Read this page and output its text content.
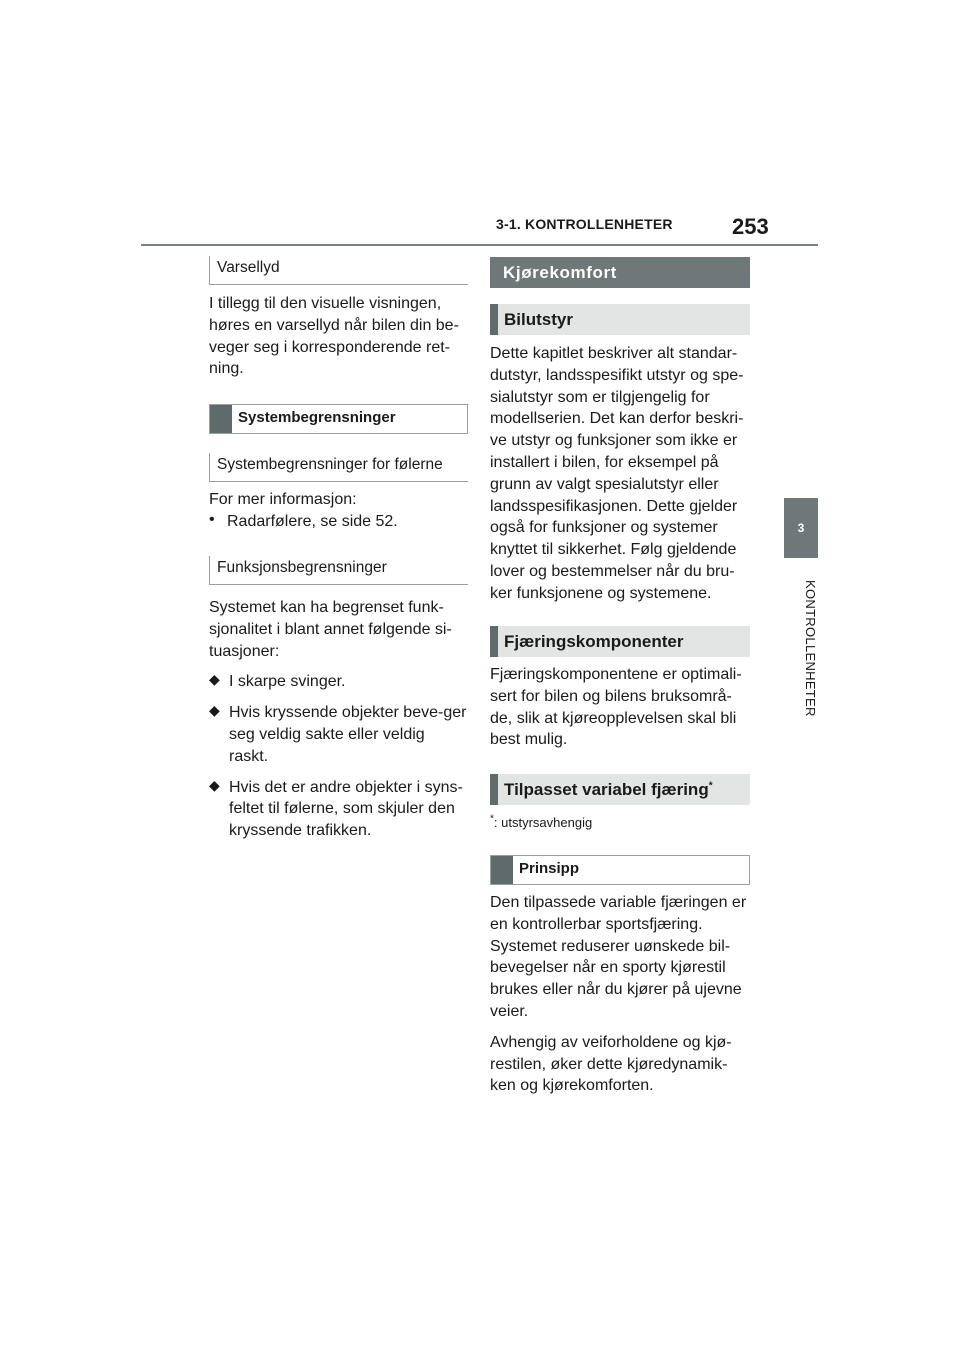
3-1. KONTROLLENHETER	253
3
KONTROLLENHETER
Varsellyd

I tillegg til den visuelle visningen, høres en varsellyd når bilen din be-veger seg i korresponderende ret-ning.

Systembegrensninger
Systembegrensninger for følerne

For mer informasjon:

• Radarfølere, se side 52.

Funksjonsbegrensninger

Systemet kan ha begrenset funk-sjonalitet i blant annet følgende si-tuasjoner:

◆ I skarpe svinger.

◆ Hvis kryssende objekter beve-ger seg veldig sakte eller veldig raskt.

◆ Hvis det er andre objekter i syns-feltet til følerne, som skjuler den kryssende trafikken.

Kjørekomfort
Bilutstyr

Dette kapitlet beskriver alt standar-dutstyr, landsspesifikt utstyr og spe-sialutstyr som er tilgjengelig for modellserien. Det kan derfor beskri-ve utstyr og funksjoner som ikke er installert i bilen, for eksempel på grunn av valgt spesialutstyr eller landsspesifikasjonen. Dette gjelder også for funksjoner og systemer knyttet til sikkerhet. Følg gjeldende lover og bestemmelser når du bru-ker funksjonene og systemene.

Fjæringskomponenter

Fjæringskomponentene er optimali-sert for bilen og bilens bruksområ-de, slik at kjøreopplevelsen skal bli best mulig.

Tilpasset variabel fjæring*
*: utstyrsavhengig
Prinsipp

Den tilpassede variable fjæringen er en kontrollerbar sportsfjæring. Systemet reduserer uønskede bil-bevegelser når en sporty kjørestil brukes eller når du kjører på ujevne veier.

Avhengig av veiforholdene og kjø-restilen, øker dette kjøredynamik-ken og kjørekomforten.
